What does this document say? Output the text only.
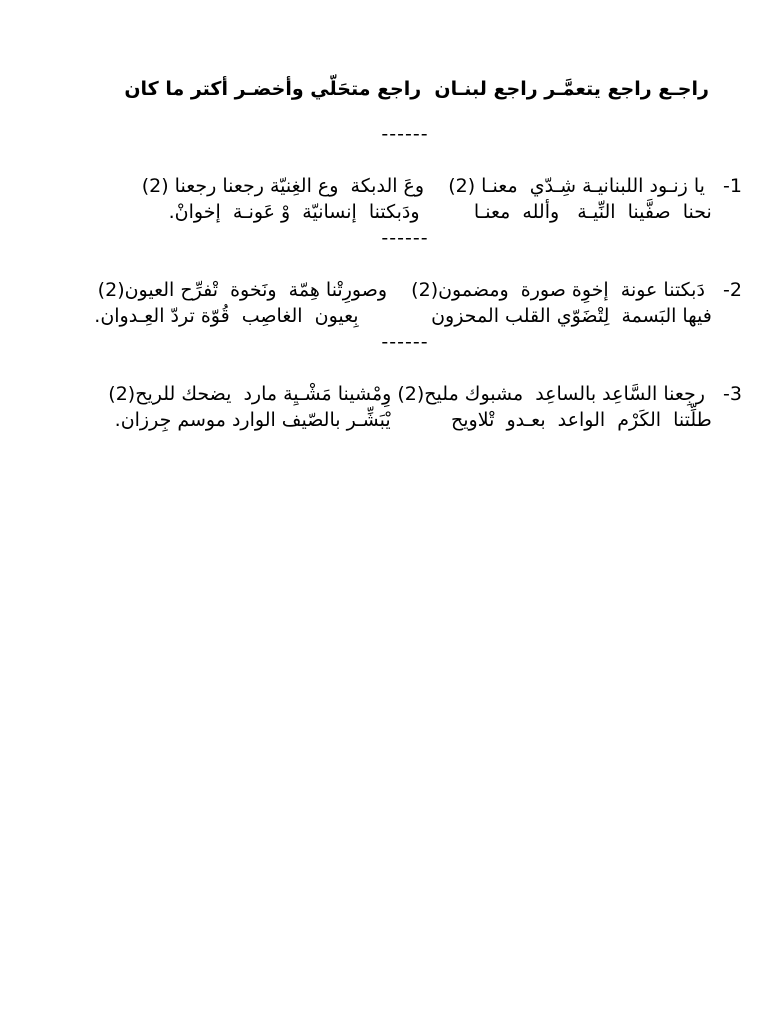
راجـع راجع يتعمَّـر راجع لبنـان  راجع متحَلّي وأخضـر أكتر ما كان

------

1-   يا زنـود اللبنانيـة شِـدّي  معنـا (2)    وعَ الدبكة  وع الغِنيّة رجعنا رجعنا (2)

نحنا  صفَّينا  النِّيـة   وألله  معنـا         ودَبكتنا  إنسانيّة  وْ عَونـة  إخوانْ.

------

2-   دَبكتنا عونة  إخوِة صورة  ومضمون(2)    وصورِتْنا هِمّة  ونَخوة  تْفرِّح العيون(2)

فيها البَسمة  لِتْضَوّي القلب المحزون            بِعيون  الغاصِب  قُوّة تردّ العِـدوان.

------

3-   رجِعنا السَّاعِد بالساعِد  مشبوك مليح(2) وِمْشينا مَشْـيِة مارد  يضحك للريح(2)

طلِّتنا  الكَرْم  الواعد  بعـدو  تْلاويح          يْبَشِّـر بالصّيف الوارد موسم جِرزان.
